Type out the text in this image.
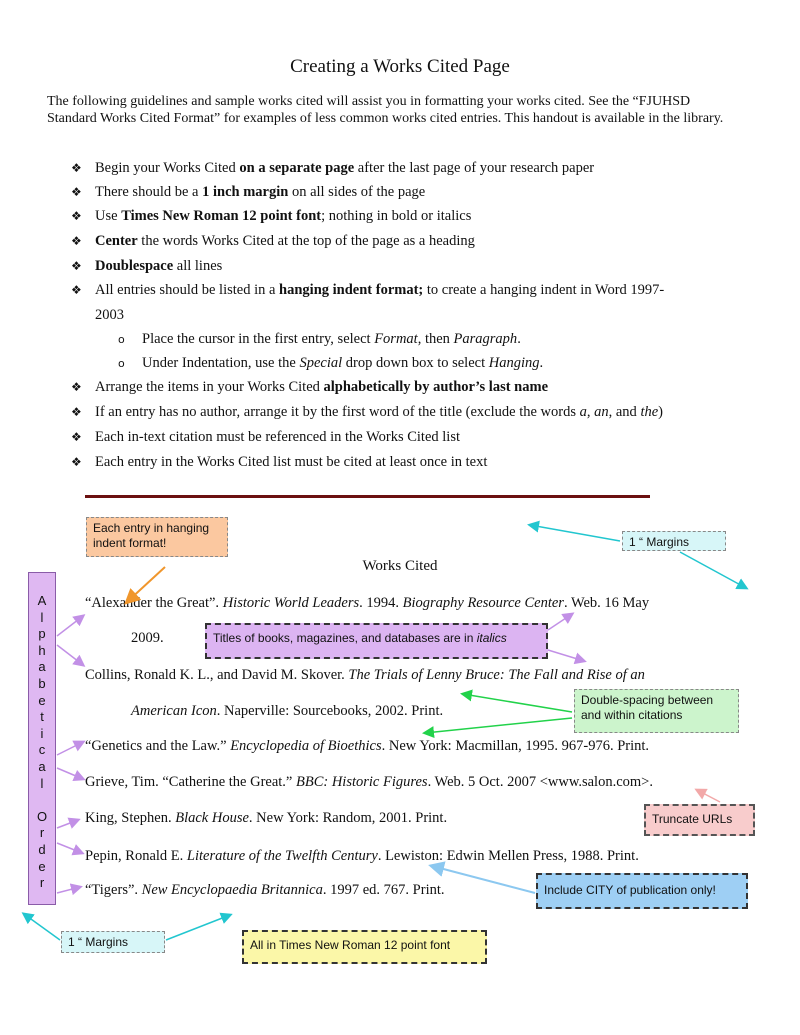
Creating a Works Cited Page
The following guidelines and sample works cited will assist you in formatting your works cited. See the “FJUHSD Standard Works Cited Format” for examples of less common works cited entries. This handout is available in the library.
❖ Begin your Works Cited on a separate page after the last page of your research paper
❖ There should be a 1 inch margin on all sides of the page
❖ Use Times New Roman 12 point font; nothing in bold or italics
❖ Center the words Works Cited at the top of the page as a heading
❖ Doublespace all lines
❖ All entries should be listed in a hanging indent format; to create a hanging indent in Word 1997-
2003
❖ Arrange the items in your Works Cited alphabetically by author’s last name
❖ If an entry has no author, arrange it by the first word of the title (exclude the words a, an, and the)
❖ Each in-text citation must be referenced in the Works Cited list
❖ Each entry in the Works Cited list must be cited at least once in text
o Place the cursor in the first entry, select Format, then Paragraph.
o Under Indentation, use the Special drop down box to select Hanging.
Works Cited
“Alexander the Great”. Historic World Leaders. 1994. Biography Resource Center. Web. 16 May
2009.
Collins, Ronald K. L., and David M. Skover. The Trials of Lenny Bruce: The Fall and Rise of an
American Icon. Naperville: Sourcebooks, 2002. Print.
“Genetics and the Law.” Encyclopedia of Bioethics. New York: Macmillan, 1995. 967-976. Print.
Grieve, Tim. “Catherine the Great.” BBC: Historic Figures. Web. 5 Oct. 2007 <www.salon.com>.
King, Stephen. Black House. New York: Random, 2001. Print.
Pepin, Ronald E. Literature of the Twelfth Century. Lewiston: Edwin Mellen Press, 1988. Print.
“Tigers”. New Encyclopaedia Britannica. 1997 ed. 767. Print.
A
l
p
h
a
b
e
t
i
c
a
l
O
r
d
e
r
Each entry in hanging indent format!	1 “ Margins
Titles of books, magazines, and databases are in italics
Double-spacing between and within citations
Truncate URLs
Include CITY of publication only!
1 “ Margins	All in Times New Roman 12 point font
